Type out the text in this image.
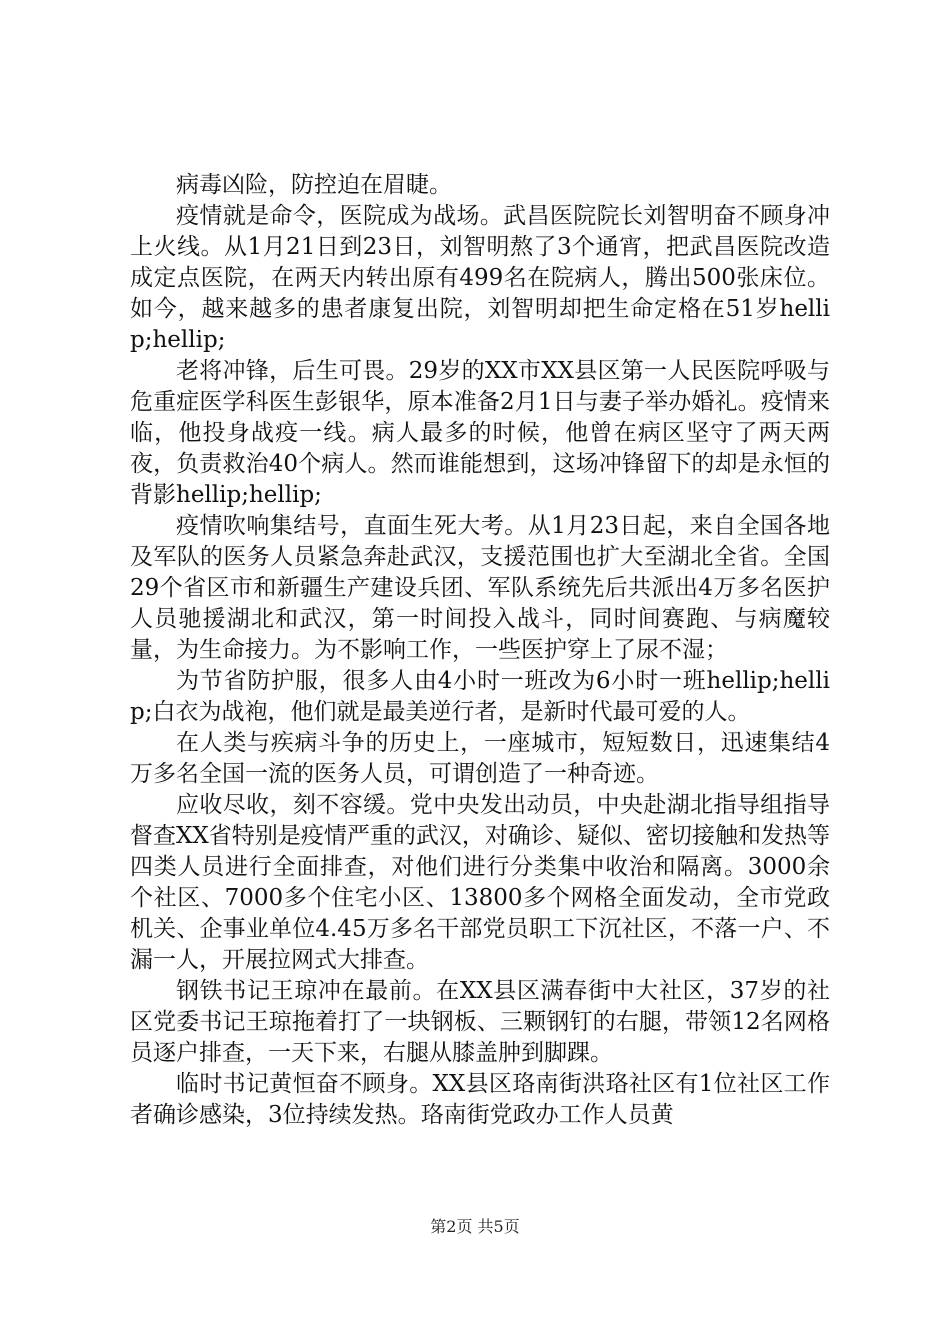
病毒凶险，防控迫在眉睫。

疫情就是命令，医院成为战场。武昌医院院长刘智明奋不顾身冲上火线。从1月21日到23日，刘智明熬了3个通宵，把武昌医院改造成定点医院，在两天内转出原有499名在院病人，腾出500张床位。如今，越来越多的患者康复出院，刘智明却把生命定格在51岁hellip;hellip;

老将冲锋，后生可畏。29岁的XX市XX县区第一人民医院呼吸与危重症医学科医生彭银华，原本准备2月1日与妻子举办婚礼。疫情来临，他投身战疫一线。病人最多的时候，他曾在病区坚守了两天两夜，负责救治40个病人。然而谁能想到，这场冲锋留下的却是永恒的背影hellip;hellip;

疫情吹响集结号，直面生死大考。从1月23日起，来自全国各地及军队的医务人员紧急奔赴武汉，支援范围也扩大至湖北全省。全国29个省区市和新疆生产建设兵团、军队系统先后共派出4万多名医护人员驰援湖北和武汉，第一时间投入战斗，同时间赛跑、与病魔较量，为生命接力。为不影响工作，一些医护穿上了尿不湿；

为节省防护服，很多人由4小时一班改为6小时一班hellip;hellip;白衣为战袍，他们就是最美逆行者，是新时代最可爱的人。

在人类与疾病斗争的历史上，一座城市，短短数日，迅速集结4万多名全国一流的医务人员，可谓创造了一种奇迹。

应收尽收，刻不容缓。党中央发出动员，中央赴湖北指导组指导督查XX省特别是疫情严重的武汉，对确诊、疑似、密切接触和发热等四类人员进行全面排查，对他们进行分类集中收治和隔离。3000余个社区、7000多个住宅小区、13800多个网格全面发动，全市党政机关、企事业单位4.45万多名干部党员职工下沉社区，不落一户、不漏一人，开展拉网式大排查。

钢铁书记王琼冲在最前。在XX县区满春街中大社区，37岁的社区党委书记王琼拖着打了一块钢板、三颗钢钉的右腿，带领12名网格员逐户排查，一天下来，右腿从膝盖肿到脚踝。

临时书记黄恒奋不顾身。XX县区珞南街洪珞社区有1位社区工作者确诊感染，3位持续发热。珞南街党政办工作人员黄

第2页 共5页
